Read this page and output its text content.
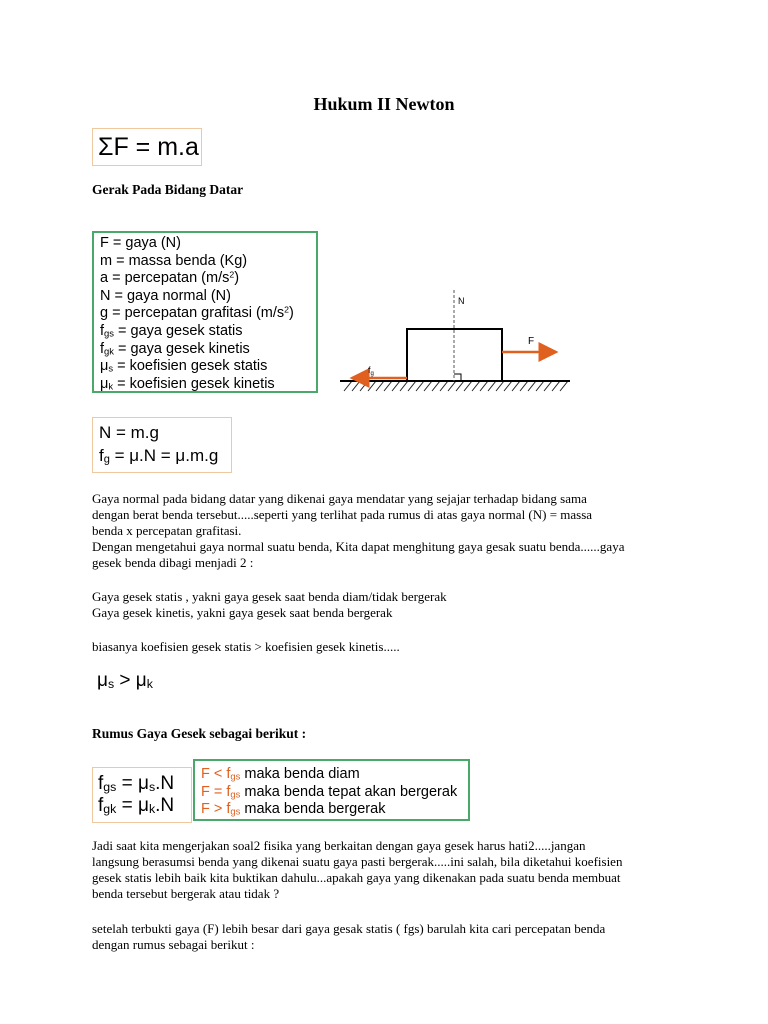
Hukum II Newton
ΣF = m.a
Gerak Pada Bidang Datar
F = gaya (N)
m = massa benda (Kg)
a = percepatan $(m/s^2)$
N = gaya normal (N)
g = percepatan grafitasi $(m/s^2)$
$f_{gs}$ = gaya gesek statis
$f_{gk}$ = gaya gesek kinetis
$\mu_s$ = koefisien gesek statis
$\mu_k$ = koefisien gesek kinetis
N
F
$f_g$
N = m.g
$f_g = \mu.N = \mu.m.g$
Gaya normal pada bidang datar yang dikenai gaya mendatar yang sejajar terhadap bidang sama
dengan berat benda tersebut.....seperti yang terlihat pada rumus di atas gaya normal (N) = massa
benda x percepatan grafitasi.
Dengan mengetahui gaya normal suatu benda, Kita dapat menghitung gaya gesak suatu benda......gaya
gesek benda dibagi menjadi 2 :
Gaya gesek statis , yakni gaya gesek saat benda diam/tidak bergerak
Gaya gesek kinetis, yakni gaya gesek saat benda bergerak
biasanya koefisien gesek statis > koefisien gesek kinetis.....
$\mu_s > \mu_k$
Rumus Gaya Gesek sebagai berikut :
$f_{gs} = \mu_s.N$
$f_{gk} = \mu_k.N$
$F < f_{gs}$ maka benda diam
$F = f_{gs}$ maka benda tepat akan bergerak
$F > f_{gs}$ maka benda bergerak
Jadi saat kita mengerjakan soal2 fisika yang berkaitan dengan gaya gesek harus hati2.....jangan
langsung berasumsi benda yang dikenai suatu gaya pasti bergerak.....ini salah, bila diketahui koefisien
gesek statis lebih baik kita buktikan dahulu...apakah gaya yang dikenakan pada suatu benda membuat
benda tersebut bergerak atau tidak ?
setelah terbukti gaya (F) lebih besar dari gaya gesak statis ( fgs) barulah kita cari percepatan benda
dengan rumus sebagai berikut :
